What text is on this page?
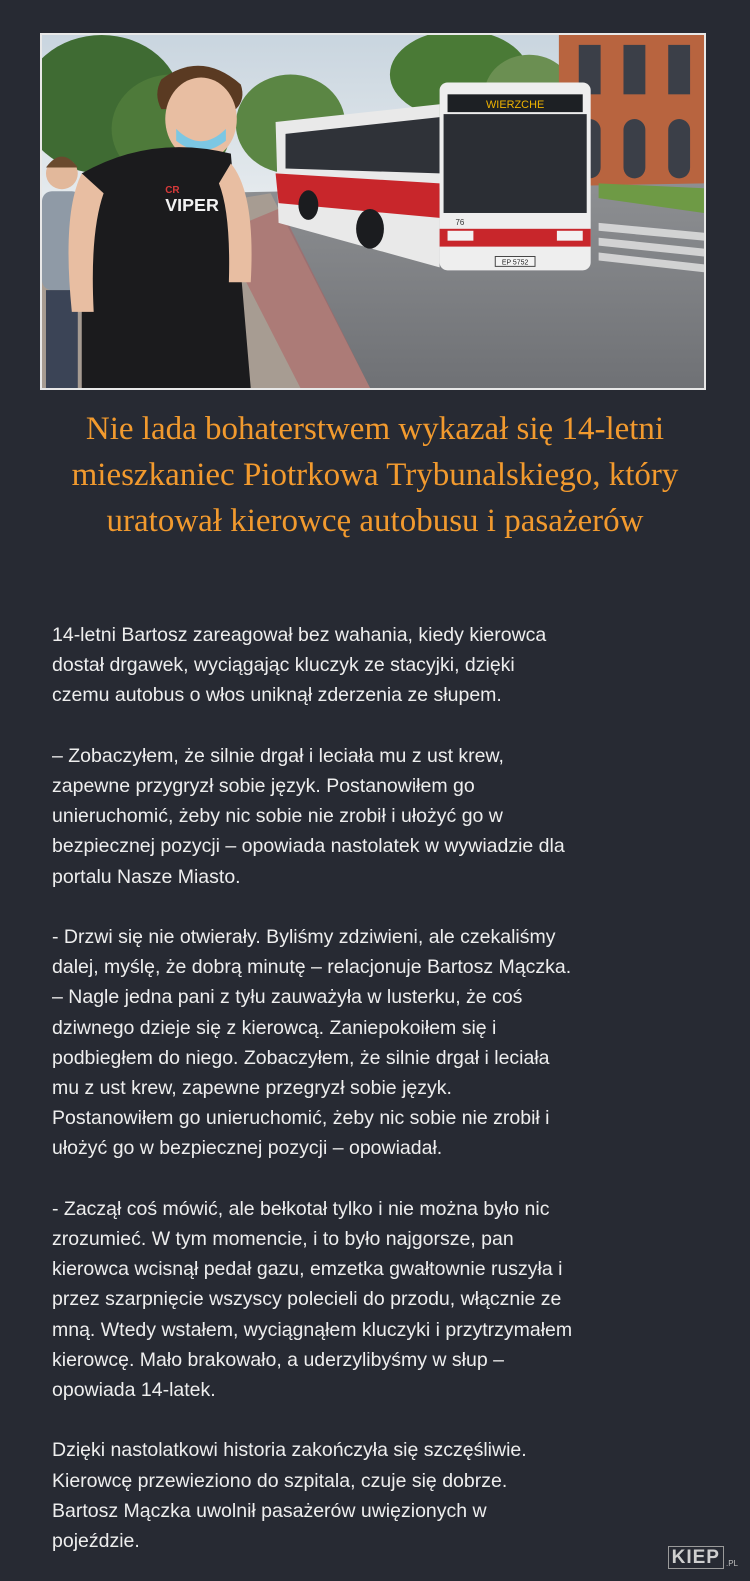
WIERZCHE
EP 5752
76
CR
VIPER
Nie lada bohaterstwem wykazał się 14-letni mieszkaniec Piotrkowa Trybunalskiego, który uratował kierowcę autobusu i pasażerów

14-letni Bartosz zareagował bez wahania, kiedy kierowca
dostał drgawek, wyciągając kluczyk ze stacyjki, dzięki
czemu autobus o włos uniknął zderzenia ze słupem.

– Zobaczyłem, że silnie drgał i leciała mu z ust krew,
zapewne przygryzł sobie język. Postanowiłem go
unieruchomić, żeby nic sobie nie zrobił i ułożyć go w
bezpiecznej pozycji – opowiada nastolatek w wywiadzie dla
portalu Nasze Miasto.

- Drzwi się nie otwierały. Byliśmy zdziwieni, ale czekaliśmy
dalej, myślę, że dobrą minutę – relacjonuje Bartosz Mączka.
– Nagle jedna pani z tyłu zauważyła w lusterku, że coś
dziwnego dzieje się z kierowcą. Zaniepokoiłem się i
podbiegłem do niego. Zobaczyłem, że silnie drgał i leciała
mu z ust krew, zapewne przegryzł sobie język.
Postanowiłem go unieruchomić, żeby nic sobie nie zrobił i
ułożyć go w bezpiecznej pozycji – opowiadał.

- Zaczął coś mówić, ale bełkotał tylko i nie można było nic
zrozumieć. W tym momencie, i to było najgorsze, pan
kierowca wcisnął pedał gazu, emzetka gwałtownie ruszyła i
przez szarpnięcie wszyscy polecieli do przodu, włącznie ze
mną. Wtedy wstałem, wyciągnąłem kluczyki i przytrzymałem
kierowcę. Mało brakowało, a uderzylibyśmy w słup –
opowiada 14-latek.

Dzięki nastolatkowi historia zakończyła się szczęśliwie.
Kierowcę przewieziono do szpitala, czuje się dobrze.
Bartosz Mączka uwolnił pasażerów uwięzionych w
pojeździe.

KIEP .PL
